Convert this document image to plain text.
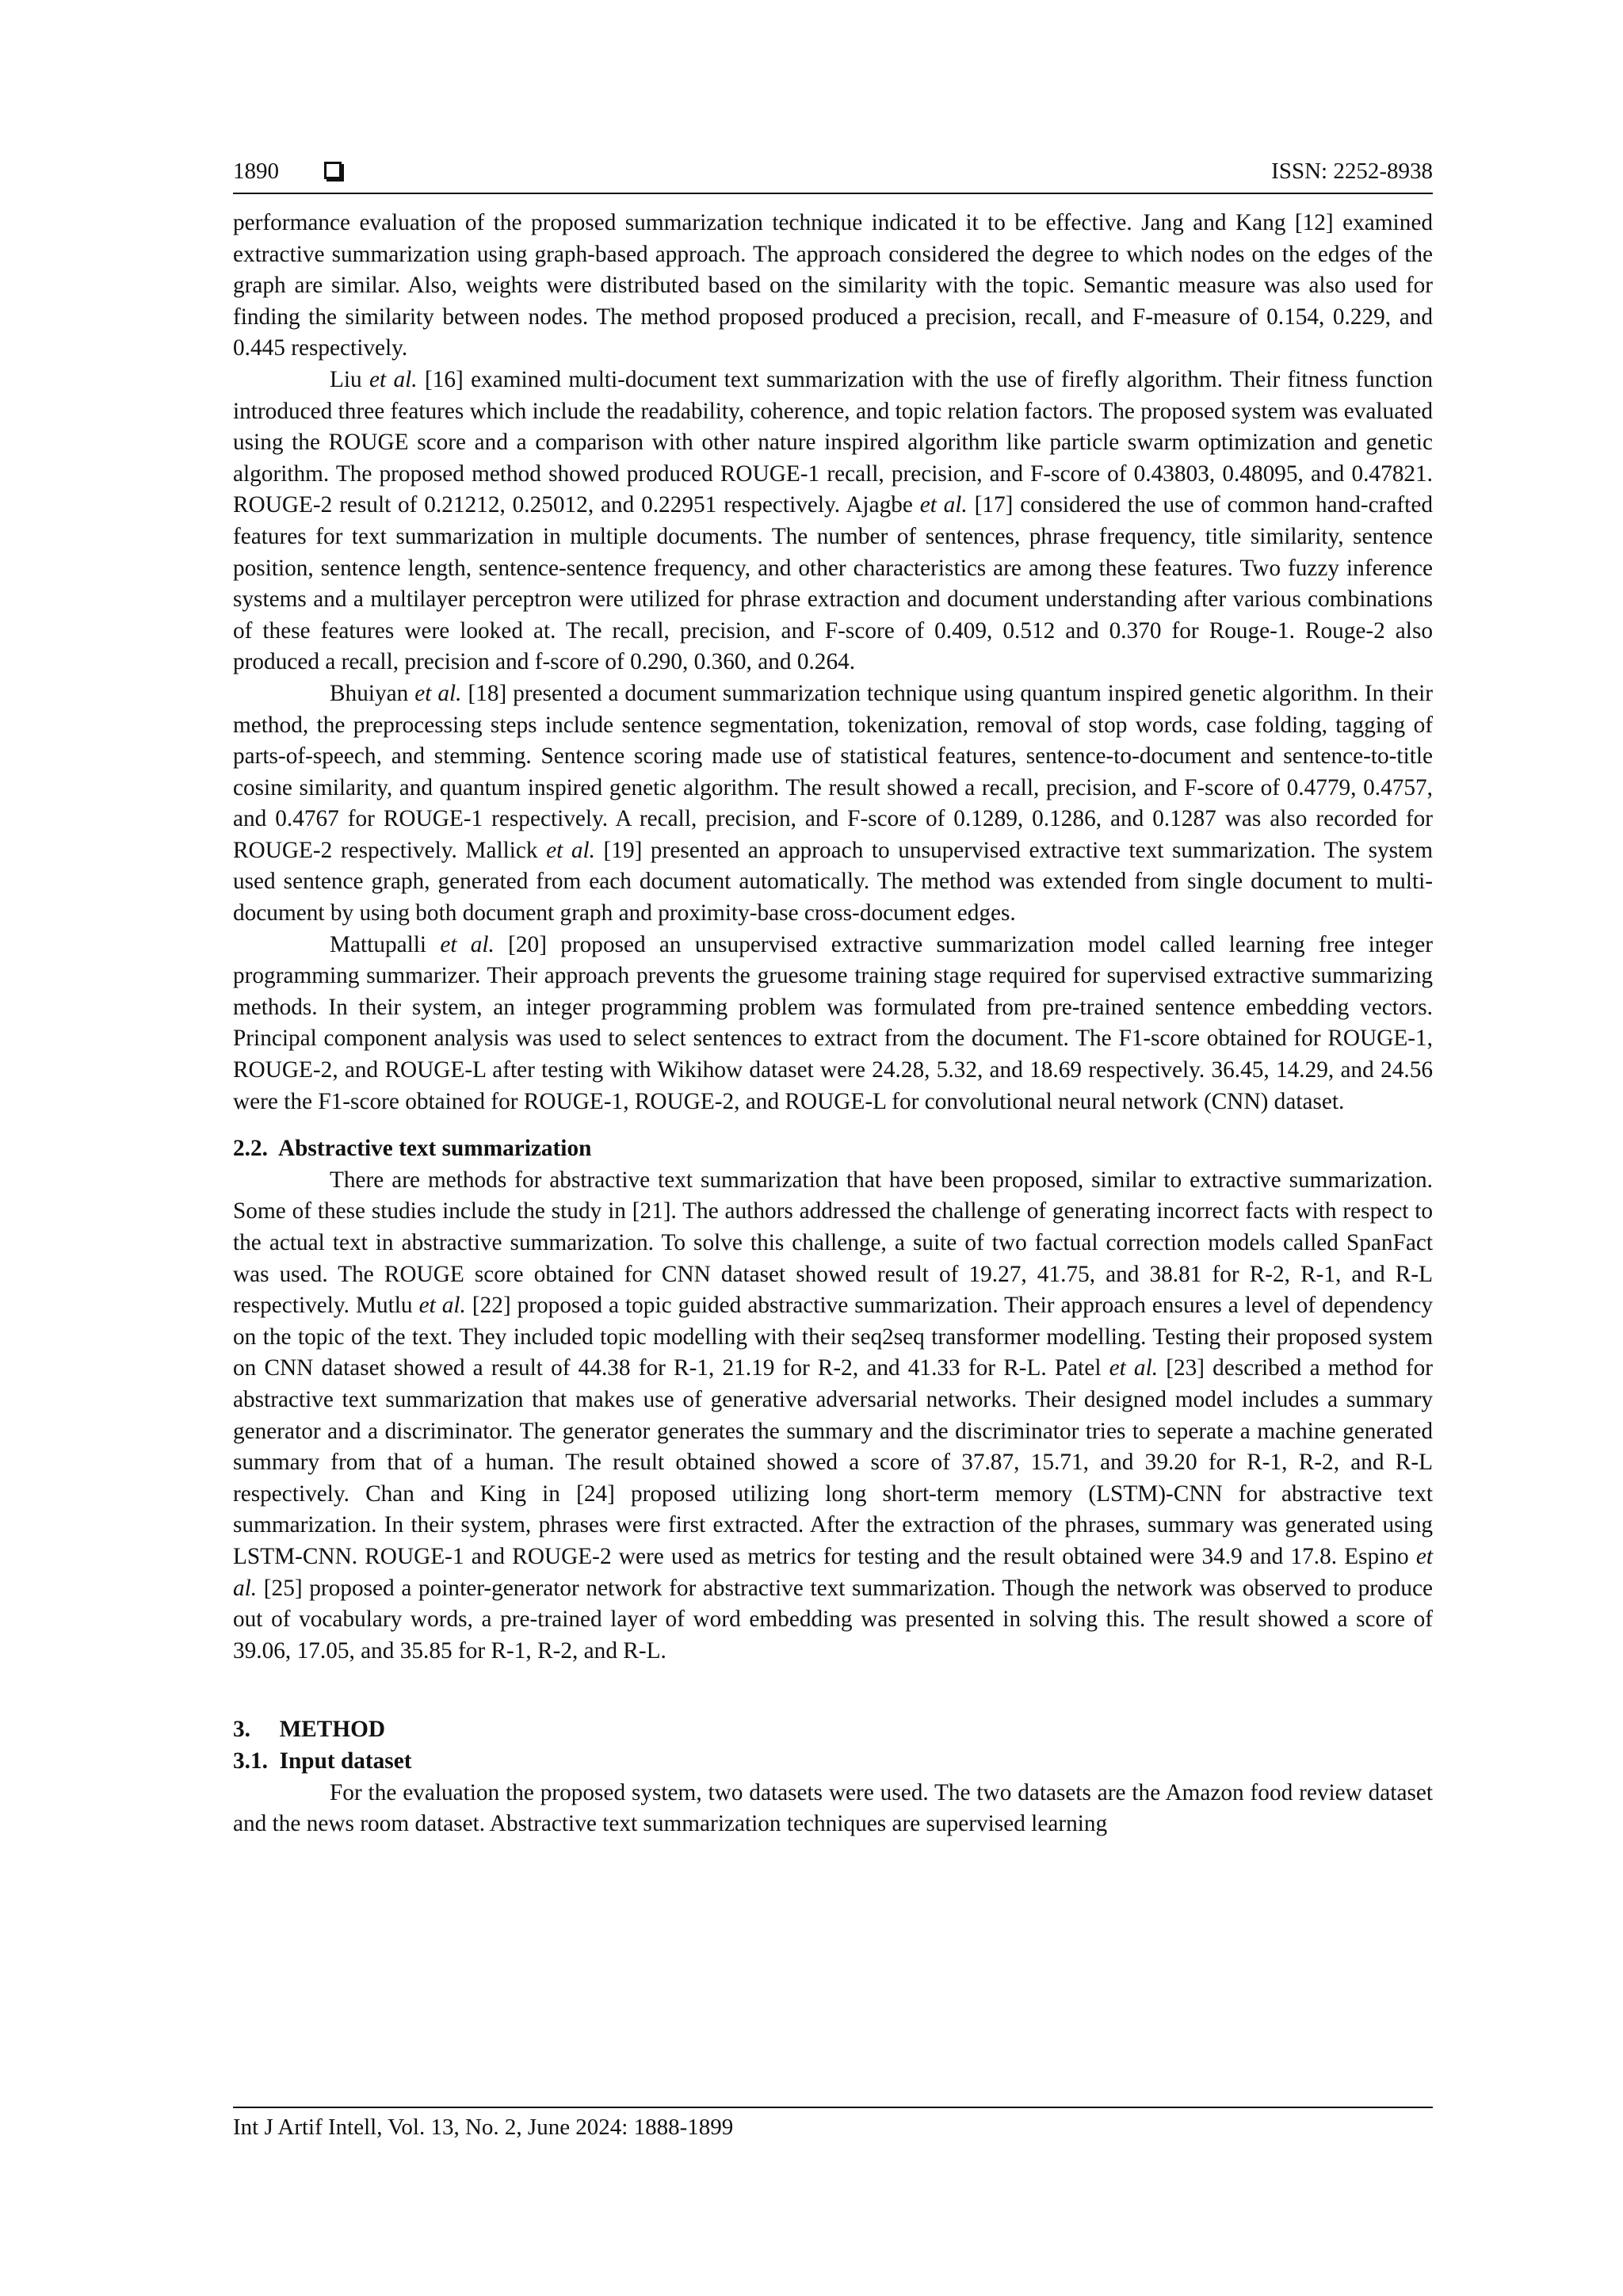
1890	ISSN: 2252-8938

performance evaluation of the proposed summarization technique indicated it to be effective. Jang and Kang [12] examined extractive summarization using graph-based approach. The approach considered the degree to which nodes on the edges of the graph are similar. Also, weights were distributed based on the similarity with the topic. Semantic measure was also used for finding the similarity between nodes. The method proposed produced a precision, recall, and F-measure of 0.154, 0.229, and 0.445 respectively.

Liu et al. [16] examined multi-document text summarization with the use of firefly algorithm. Their fitness function introduced three features which include the readability, coherence, and topic relation factors. The proposed system was evaluated using the ROUGE score and a comparison with other nature inspired algorithm like particle swarm optimization and genetic algorithm. The proposed method showed produced ROUGE-1 recall, precision, and F-score of 0.43803, 0.48095, and 0.47821. ROUGE-2 result of 0.21212, 0.25012, and 0.22951 respectively. Ajagbe et al. [17] considered the use of common hand-crafted features for text summarization in multiple documents. The number of sentences, phrase frequency, title similarity, sentence position, sentence length, sentence-sentence frequency, and other characteristics are among these features. Two fuzzy inference systems and a multilayer perceptron were utilized for phrase extraction and document understanding after various combinations of these features were looked at. The recall, precision, and F-score of 0.409, 0.512 and 0.370 for Rouge-1. Rouge-2 also produced a recall, precision and f-score of 0.290, 0.360, and 0.264.

Bhuiyan et al. [18] presented a document summarization technique using quantum inspired genetic algorithm. In their method, the preprocessing steps include sentence segmentation, tokenization, removal of stop words, case folding, tagging of parts-of-speech, and stemming. Sentence scoring made use of statistical features, sentence-to-document and sentence-to-title cosine similarity, and quantum inspired genetic algorithm. The result showed a recall, precision, and F-score of 0.4779, 0.4757, and 0.4767 for ROUGE-1 respectively. A recall, precision, and F-score of 0.1289, 0.1286, and 0.1287 was also recorded for ROUGE-2 respectively. Mallick et al. [19] presented an approach to unsupervised extractive text summarization. The system used sentence graph, generated from each document automatically. The method was extended from single document to multi-document by using both document graph and proximity-base cross-document edges.

Mattupalli et al. [20] proposed an unsupervised extractive summarization model called learning free integer programming summarizer. Their approach prevents the gruesome training stage required for supervised extractive summarizing methods. In their system, an integer programming problem was formulated from pre-trained sentence embedding vectors. Principal component analysis was used to select sentences to extract from the document. The F1-score obtained for ROUGE-1, ROUGE-2, and ROUGE-L after testing with Wikihow dataset were 24.28, 5.32, and 18.69 respectively. 36.45, 14.29, and 24.56 were the F1-score obtained for ROUGE-1, ROUGE-2, and ROUGE-L for convolutional neural network (CNN) dataset.

2.2.  Abstractive text summarization

There are methods for abstractive text summarization that have been proposed, similar to extractive summarization. Some of these studies include the study in [21]. The authors addressed the challenge of generating incorrect facts with respect to the actual text in abstractive summarization. To solve this challenge, a suite of two factual correction models called SpanFact was used. The ROUGE score obtained for CNN dataset showed result of 19.27, 41.75, and 38.81 for R-2, R-1, and R-L respectively. Mutlu et al. [22] proposed a topic guided abstractive summarization. Their approach ensures a level of dependency on the topic of the text. They included topic modelling with their seq2seq transformer modelling. Testing their proposed system on CNN dataset showed a result of 44.38 for R-1, 21.19 for R-2, and 41.33 for R-L. Patel et al. [23] described a method for abstractive text summarization that makes use of generative adversarial networks. Their designed model includes a summary generator and a discriminator. The generator generates the summary and the discriminator tries to seperate a machine generated summary from that of a human. The result obtained showed a score of 37.87, 15.71, and 39.20 for R-1, R-2, and R-L respectively. Chan and King in [24] proposed utilizing long short-term memory (LSTM)-CNN for abstractive text summarization. In their system, phrases were first extracted. After the extraction of the phrases, summary was generated using LSTM-CNN. ROUGE-1 and ROUGE-2 were used as metrics for testing and the result obtained were 34.9 and 17.8. Espino et al. [25] proposed a pointer-generator network for abstractive text summarization. Though the network was observed to produce out of vocabulary words, a pre-trained layer of word embedding was presented in solving this. The result showed a score of 39.06, 17.05, and 35.85 for R-1, R-2, and R-L.

3.     METHOD
3.1.  Input dataset

For the evaluation the proposed system, two datasets were used. The two datasets are the Amazon food review dataset and the news room dataset. Abstractive text summarization techniques are supervised learning

Int J Artif Intell, Vol. 13, No. 2, June 2024: 1888-1899
